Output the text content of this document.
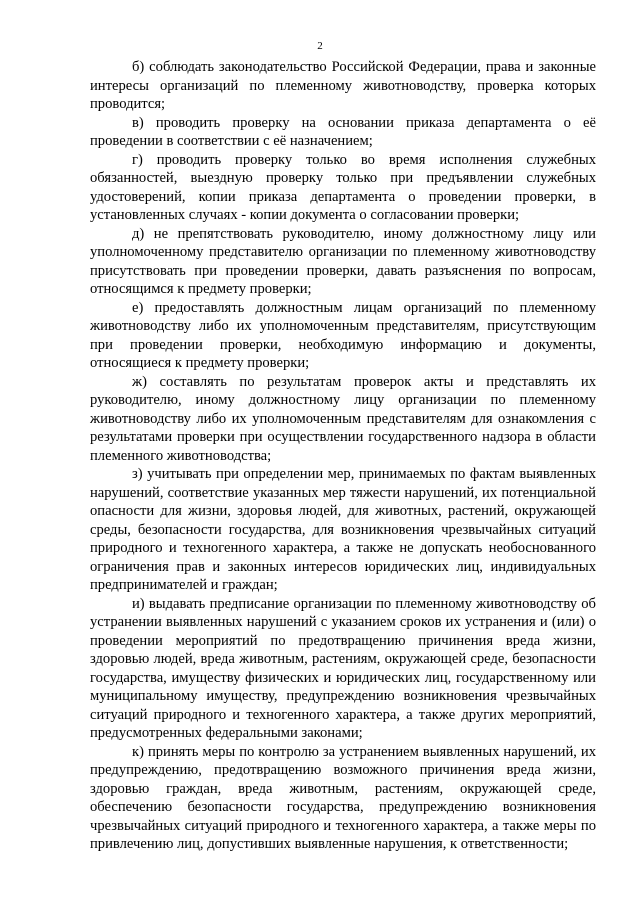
2

б) соблюдать законодательство Российской Федерации, права и законные интересы организаций по племенному животноводству, проверка которых проводится;

в) проводить проверку на основании приказа департамента о её проведении в соответствии с её назначением;

г) проводить проверку только во время исполнения служебных обязанностей, выездную проверку только при предъявлении служебных удостоверений, копии приказа департамента о проведении проверки, в установленных случаях - копии документа о согласовании проверки;

д) не препятствовать руководителю, иному должностному лицу или уполномоченному представителю организации по племенному животноводству присутствовать при проведении проверки, давать разъяснения по вопросам, относящимся к предмету проверки;

е) предоставлять должностным лицам организаций по племенному животноводству либо их уполномоченным представителям, присутствующим при проведении проверки, необходимую информацию и документы, относящиеся к предмету проверки;

ж) составлять по результатам проверок акты и представлять их руководителю, иному должностному лицу организации по племенному животноводству либо их уполномоченным представителям для ознакомления с результатами проверки при осуществлении государственного надзора в области племенного животноводства;

з) учитывать при определении мер, принимаемых по фактам выявленных нарушений, соответствие указанных мер тяжести нарушений, их потенциальной опасности для жизни, здоровья людей, для животных, растений, окружающей среды, безопасности государства, для возникновения чрезвычайных ситуаций природного и техногенного характера, а также не допускать необоснованного ограничения прав и законных интересов юридических лиц, индивидуальных предпринимателей и граждан;

и) выдавать предписание организации по племенному животноводству об устранении выявленных нарушений с указанием сроков их устранения и (или) о проведении мероприятий по предотвращению причинения вреда жизни, здоровью людей, вреда животным, растениям, окружающей среде, безопасности государства, имуществу физических и юридических лиц, государственному или муниципальному имуществу, предупреждению возникновения чрезвычайных ситуаций природного и техногенного характера, а также других мероприятий, предусмотренных федеральными законами;

к) принять меры по контролю за устранением выявленных нарушений, их предупреждению, предотвращению возможного причинения вреда жизни, здоровью граждан, вреда животным, растениям, окружающей среде, обеспечению безопасности государства, предупреждению возникновения чрезвычайных ситуаций природного и техногенного характера, а также меры по привлечению лиц, допустивших выявленные нарушения, к ответственности;
